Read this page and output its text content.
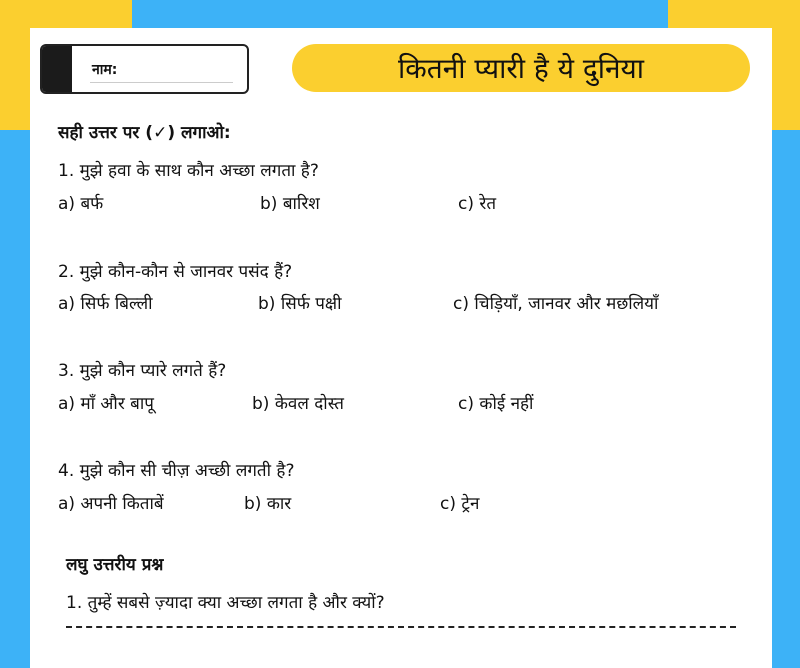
नाम:	कितनी प्यारी है ये दुनिया
सही उत्तर पर (✓) लगाओ:
1. मुझे हवा के साथ कौन अच्छा लगता है?
a) बर्फ	b) बारिश	c) रेत
2. मुझे कौन-कौन से जानवर पसंद हैं?
a) सिर्फ बिल्ली	b) सिर्फ पक्षी	c) चिड़ियाँ, जानवर और मछलियाँ
3. मुझे कौन प्यारे लगते हैं?
a) माँ और बापू	b) केवल दोस्त	c) कोई नहीं
4. मुझे कौन सी चीज़ अच्छी लगती है?
a) अपनी किताबें	b) कार	c) ट्रेन
लघु उत्तरीय प्रश्न
1. तुम्हें सबसे ज़्यादा क्या अच्छा लगता है और क्यों?
